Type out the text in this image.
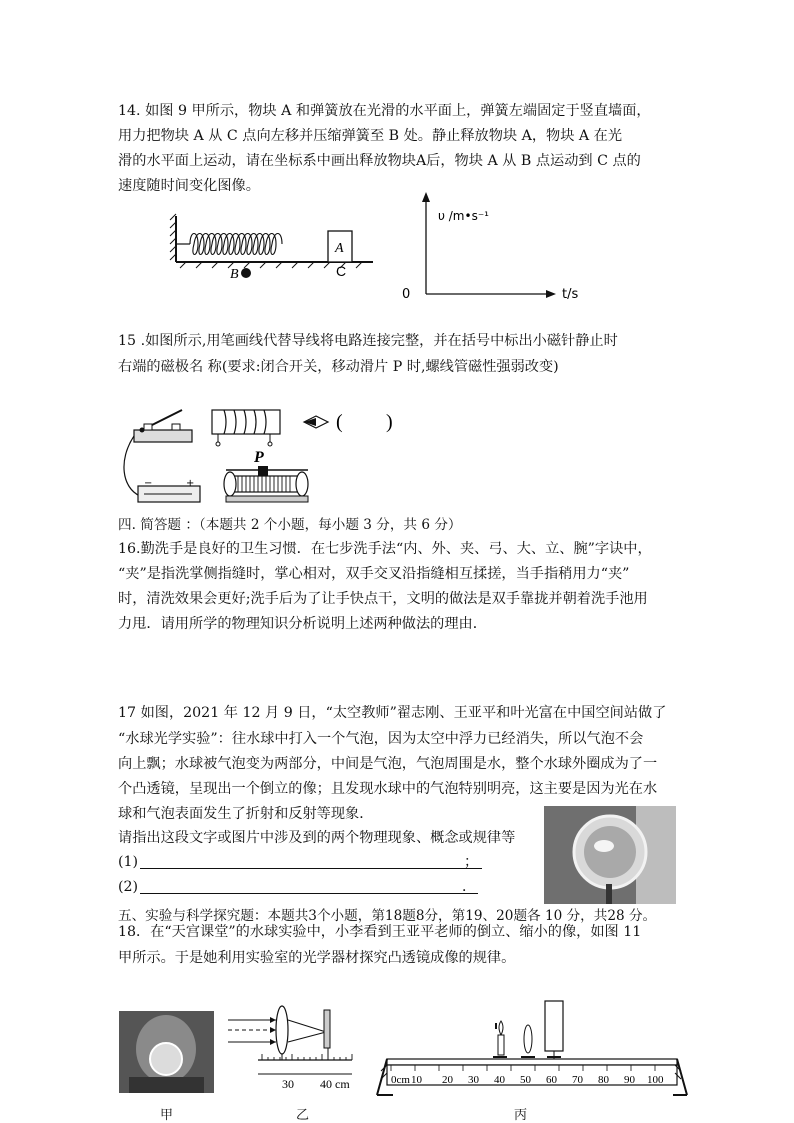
14. 如图 9 甲所示，物块 A 和弹簧放在光滑的水平面上，弹簧左端固定于竖直墙面，
用力把物块 A 从 C 点向左移并压缩弹簧至 B 处。静止释放物块 A，物块 A 在光
滑的水平面上运动，请在坐标系中画出释放物块A后，物块 A 从 B 点运动到 C 点的
速度随时间变化图像。
A
B	C
υ /m•s⁻¹
t/s
0
15 .如图所示,用笔画线代替导线将电路连接完整，并在括号中标出小磁针静止时
右端的磁极名 称(要求:闭合开关，移动滑片 P 时,螺线管磁性强弱改变)
( )
−	+
P
四. 简答题 ：（本题共 2 个小题，每小题 3 分，共 6 分）
16.勤洗手是良好的卫生习惯．在七步洗手法“内、外、夹、弓、大、立、腕”字诀中，
“夹”是指洗掌侧指缝时，掌心相对，双手交叉沿指缝相互揉搓，当手指稍用力“夹”
时，清洗效果会更好;洗手后为了让手快点干，文明的做法是双手靠拢并朝着洗手池用
力甩．请用所学的物理知识分析说明上述两种做法的理由．
17 如图，2021 年 12 月 9 日，“太空教师”翟志刚、王亚平和叶光富在中国空间站做了
“水球光学实验”：往水球中打入一个气泡，因为太空中浮力已经消失，所以气泡不会
向上飘；水球被气泡变为两部分，中间是气泡，气泡周围是水，整个水球外圈成为了一
个凸透镜，呈现出一个倒立的像；且发现水球中的气泡特别明亮，这主要是因为光在水
球和气泡表面发生了折射和反射等现象．
请指出这段文字或图片中涉及到的两个物理现象、概念或规律等
(1)	；
(2)	．
五、实验与科学探究题：本题共3个小题，第18题8分，第19、20题各 10 分，共28 分。
18．在“天宫课堂”的水球实验中，小李看到王亚平老师的倒立、缩小的像，如图 11
甲所示。于是她利用实验室的光学器材探究凸透镜成像的规律。
30 40 cm	0cm 10 20 30 40 50 60 70 80 90 100
甲	乙	丙
